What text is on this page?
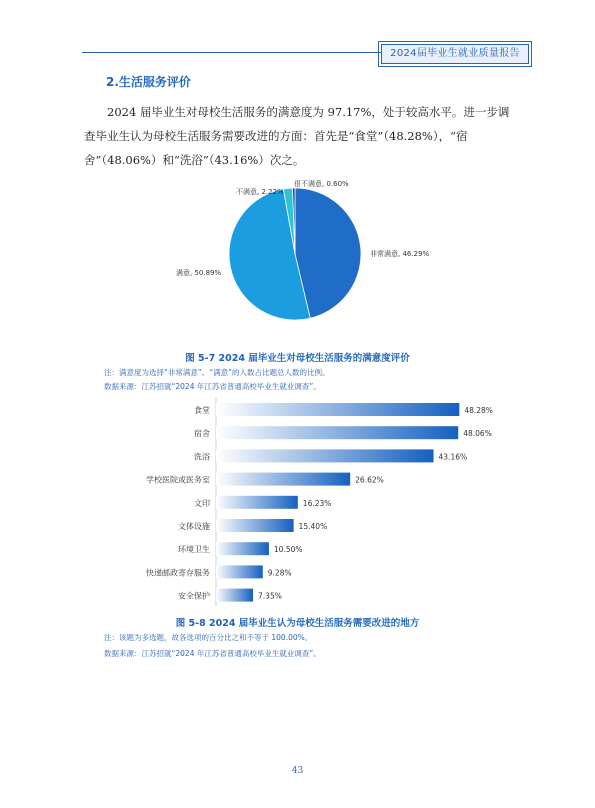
2024届毕业生就业质量报告
2.生活服务评价

2024 届毕业生对母校生活服务的满意度为 97.17%，处于较高水平。进一步调查毕业生认为母校生活服务需要改进的方面：首先是“食堂”（48.28%），“宿舍”（48.06%）和“洗浴”（43.16%）次之。

非常满意, 46.29%
满意, 50.89%
不满意, 2.22%
很不满意, 0.60%
图 5-7 2024 届毕业生对母校生活服务的满意度评价
注：满意度为选择“非常满意”、“满意”的人数占比题总人数的比例。
数据来源：江苏招就“2024 年江苏省普通高校毕业生就业调查”。
食堂	48.28%
宿舍	48.06%
洗浴	43.16%
学校医院或医务室	26.62%
文印	16.23%
文体设施	15.40%
环境卫生	10.50%
快递邮政寄存服务	9.28%
安全保护	7.35%
图 5-8 2024 届毕业生认为母校生活服务需要改进的地方
注：该题为多选题，故各选项的百分比之和不等于 100.00%。
数据来源：江苏招就“2024 年江苏省普通高校毕业生就业调查”。
43
